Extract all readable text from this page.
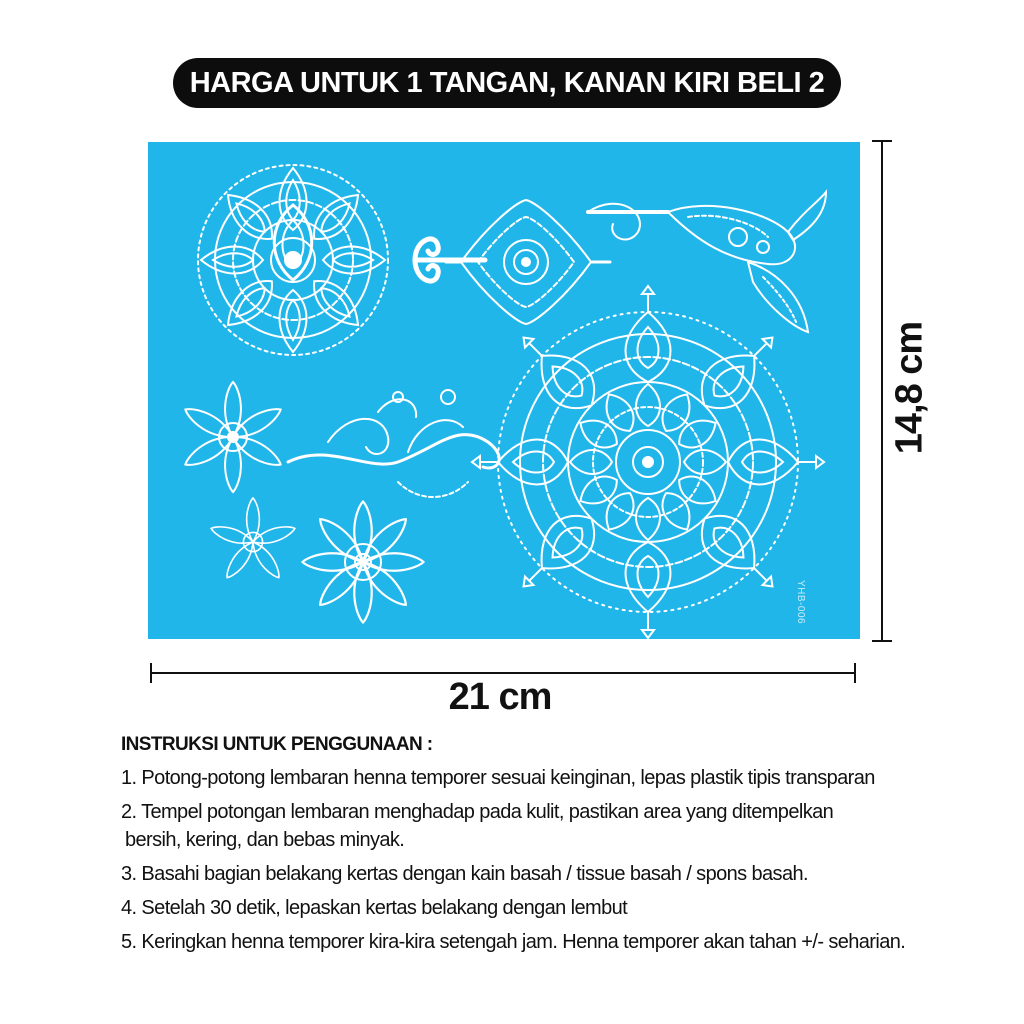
HARGA UNTUK 1 TANGAN, KANAN KIRI BELI 2
YHB-006
21 cm
14,8 cm
INSTRUKSI UNTUK PENGGUNAAN :
1. Potong-potong lembaran henna temporer sesuai keinginan, lepas plastik tipis transparan
2. Tempel potongan lembaran menghadap pada kulit, pastikan area yang ditempelkan
bersih, kering, dan bebas minyak.
3. Basahi bagian belakang kertas dengan kain basah / tissue basah / spons basah.
4. Setelah 30 detik, lepaskan kertas belakang dengan lembut
5. Keringkan henna temporer kira-kira setengah jam. Henna temporer akan tahan +/- seharian.
